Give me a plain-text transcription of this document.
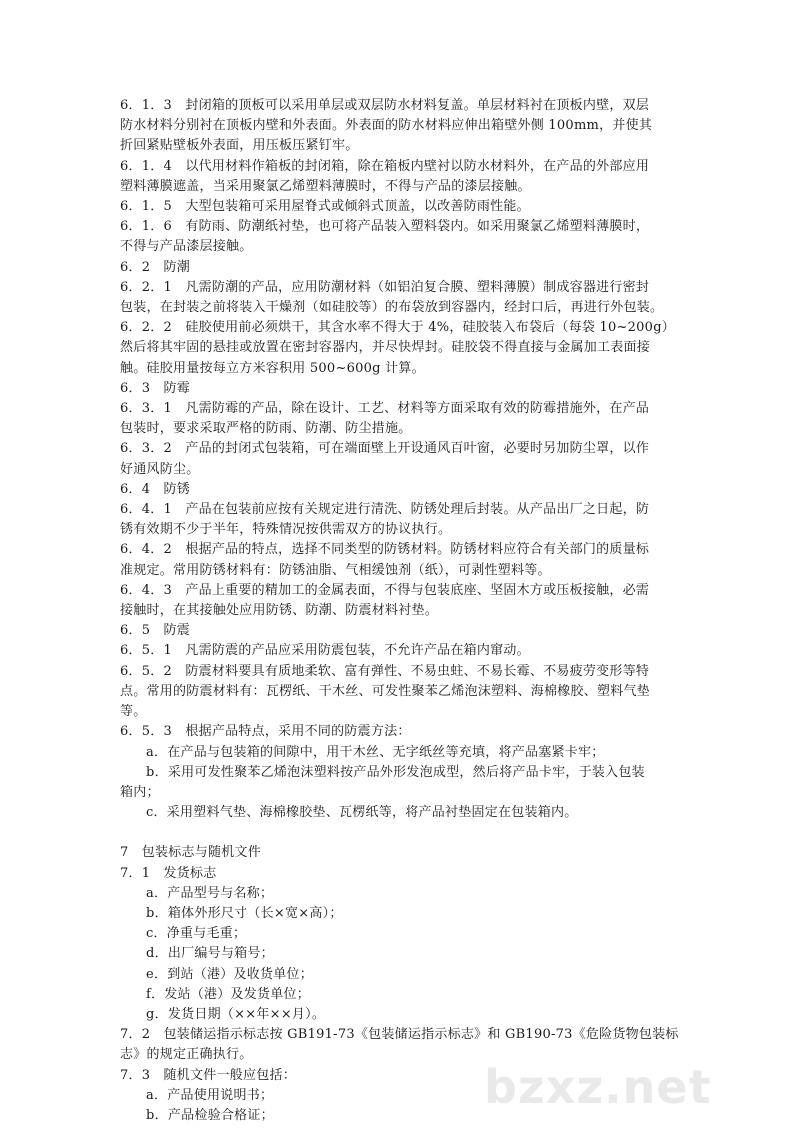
6．1．3　封闭箱的顶板可以采用单层或双层防水材料复盖。单层材料衬在顶板内壁，双层
防水材料分别衬在顶板内壁和外表面。外表面的防水材料应伸出箱壁外侧 100mm，并使其
折回紧贴壁板外表面，用压板压紧钉牢。
6．1．4　以代用材料作箱板的封闭箱，除在箱板内壁衬以防水材料外，在产品的外部应用
塑料薄膜遮盖，当采用聚氯乙烯塑料薄膜时，不得与产品的漆层接触。
6．1．5　大型包装箱可采用屋脊式或倾斜式顶盖，以改善防雨性能。
6．1．6　有防雨、防潮纸衬垫，也可将产品装入塑料袋内。如采用聚氯乙烯塑料薄膜时，
不得与产品漆层接触。
6．2　防潮
6．2．1　凡需防潮的产品，应用防潮材料（如铝泊复合膜、塑料薄膜）制成容器进行密封
包装，在封装之前将装入干燥剂（如硅胶等）的布袋放到容器内，经封口后，再进行外包装。
6．2．2　硅胶使用前必须烘干，其含水率不得大于 4%，硅胶装入布袋后（每袋 10~200g）
然后将其牢固的悬挂或放置在密封容器内，并尽快焊封。硅胶袋不得直接与金属加工表面接
触。硅胶用量按每立方米容积用 500~600g 计算。
6．3　防霉
6．3．1　凡需防霉的产品，除在设计、工艺、材料等方面采取有效的防霉措施外，在产品
包装时，要求采取严格的防雨、防潮、防尘措施。
6．3．2　产品的封闭式包装箱，可在端面壁上开设通风百叶窗，必要时另加防尘罩，以作
好通风防尘。
6．4　防锈
6．4．1　产品在包装前应按有关规定进行清洗、防锈处理后封装。从产品出厂之日起，防
锈有效期不少于半年，特殊情况按供需双方的协议执行。
6．4．2　根据产品的特点，选择不同类型的防锈材料。防锈材料应符合有关部门的质量标
准规定。常用防锈材料有：防锈油脂、气相缓蚀剂（纸），可剥性塑料等。
6．4．3　产品上重要的精加工的金属表面，不得与包装底座、坚固木方或压板接触，必需
接触时，在其接触处应用防锈、防潮、防震材料衬垫。
6．5　防震
6．5．1　凡需防震的产品应采用防震包装，不允许产品在箱内窜动。
6．5．2　防震材料要具有质地柔软、富有弹性、不易虫蛀、不易长霉、不易疲劳变形等特
点。常用的防震材料有：瓦楞纸、干木丝、可发性聚苯乙烯泡沫塑料、海棉橡胶、塑料气垫
等。
6．5．3　根据产品特点，采用不同的防震方法：
a．在产品与包装箱的间隙中，用干木丝、无字纸丝等充填，将产品塞紧卡牢；
b．采用可发性聚苯乙烯泡沫塑料按产品外形发泡成型，然后将产品卡牢，于装入包装
箱内；
c．采用塑料气垫、海棉橡胶垫、瓦楞纸等，将产品衬垫固定在包装箱内。
7　包装标志与随机文件
7．1　发货标志
a．产品型号与名称；
b．箱体外形尺寸（长×宽×高）；
c．净重与毛重；
d．出厂编号与箱号；
e．到站（港）及收货单位；
f．发站（港）及发货单位；
g．发货日期（××年××月）。
7．2　包装储运指示标志按 GB191-73《包装储运指示标志》和 GB190-73《危险货物包装标
志》的规定正确执行。
7．3　随机文件一般应包括：
a．产品使用说明书；
b．产品检验合格证；
bzxz.net
